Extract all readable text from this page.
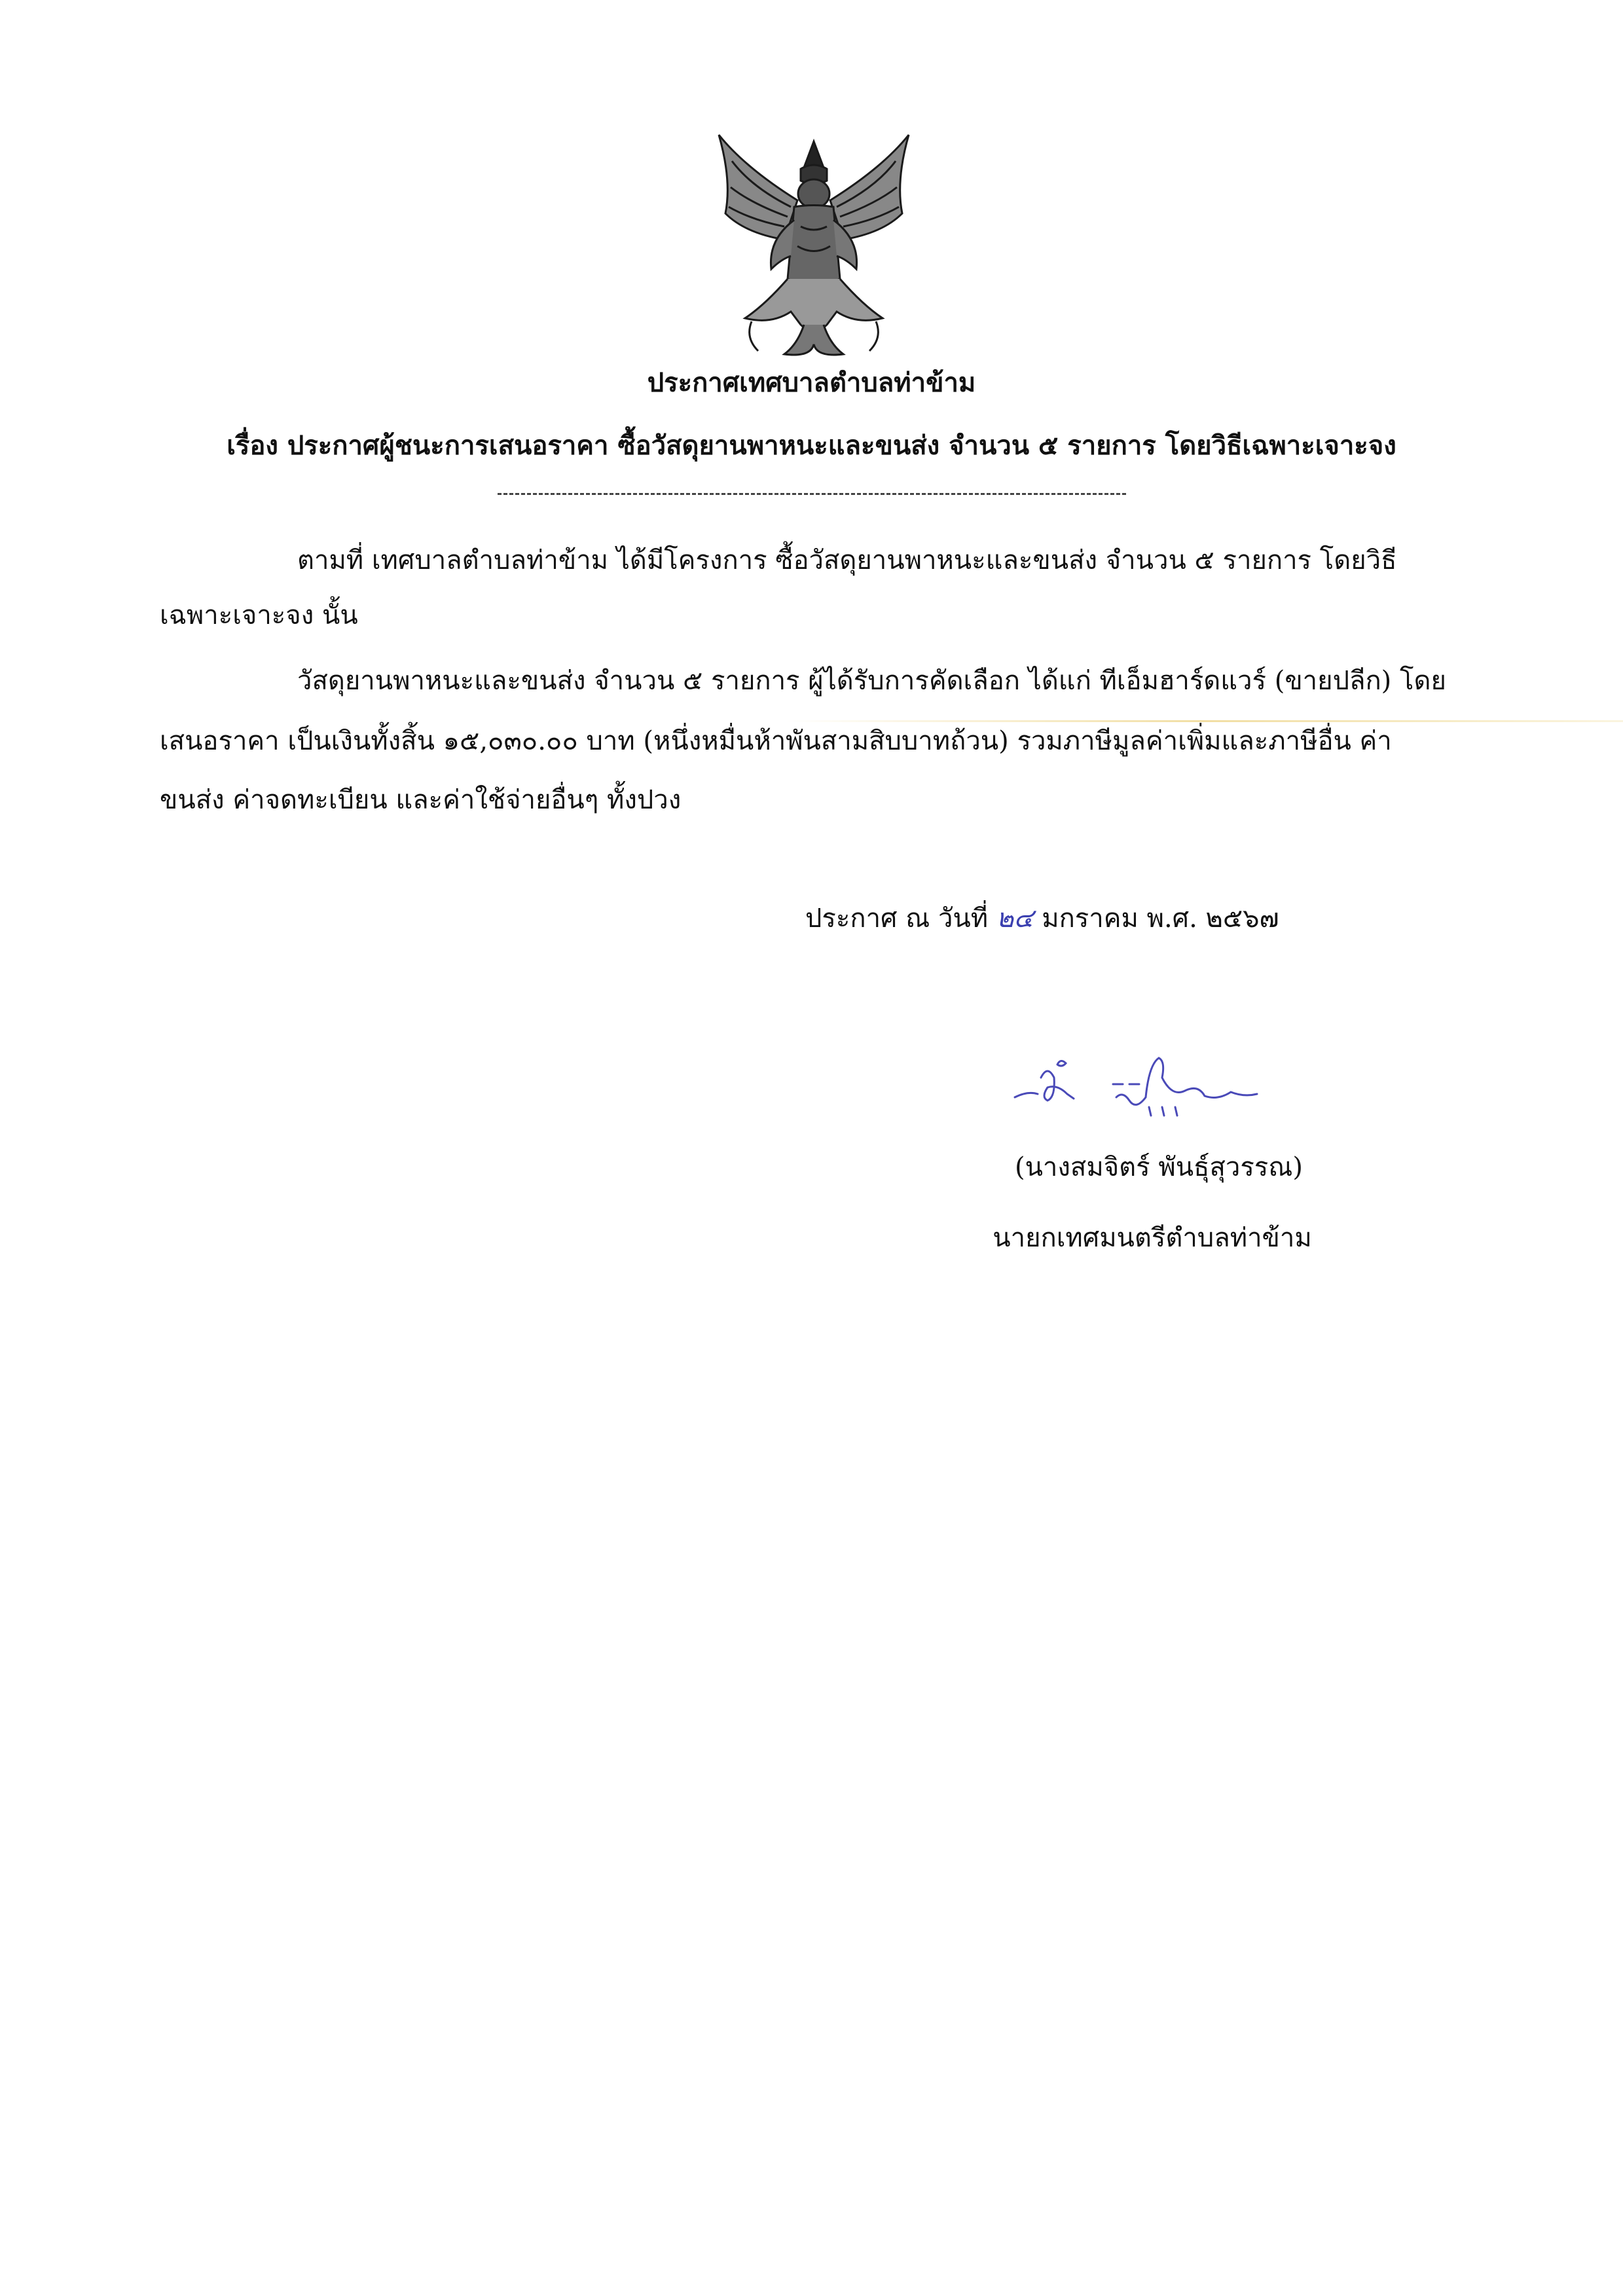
ประกาศเทศบาลตำบลท่าข้าม
เรื่อง ประกาศผู้ชนะการเสนอราคา ซื้อวัสดุยานพาหนะและขนส่ง จำนวน ๕ รายการ โดยวิธีเฉพาะเจาะจง
ตามที่ เทศบาลตำบลท่าข้าม ได้มีโครงการ ซื้อวัสดุยานพาหนะและขนส่ง จำนวน ๕ รายการ โดยวิธี
เฉพาะเจาะจง นั้น
วัสดุยานพาหนะและขนส่ง จำนวน ๕ รายการ ผู้ได้รับการคัดเลือก ได้แก่ ทีเอ็มฮาร์ดแวร์ (ขายปลีก) โดย
เสนอราคา เป็นเงินทั้งสิ้น ๑๕,๐๓๐.๐๐ บาท (หนึ่งหมื่นห้าพันสามสิบบาทถ้วน) รวมภาษีมูลค่าเพิ่มและภาษีอื่น ค่า
ขนส่ง ค่าจดทะเบียน และค่าใช้จ่ายอื่นๆ ทั้งปวง
ประกาศ ณ วันที่ ๒๔ มกราคม พ.ศ. ๒๕๖๗
(นางสมจิตร์ พันธุ์สุวรรณ)
นายกเทศมนตรีตำบลท่าข้าม
